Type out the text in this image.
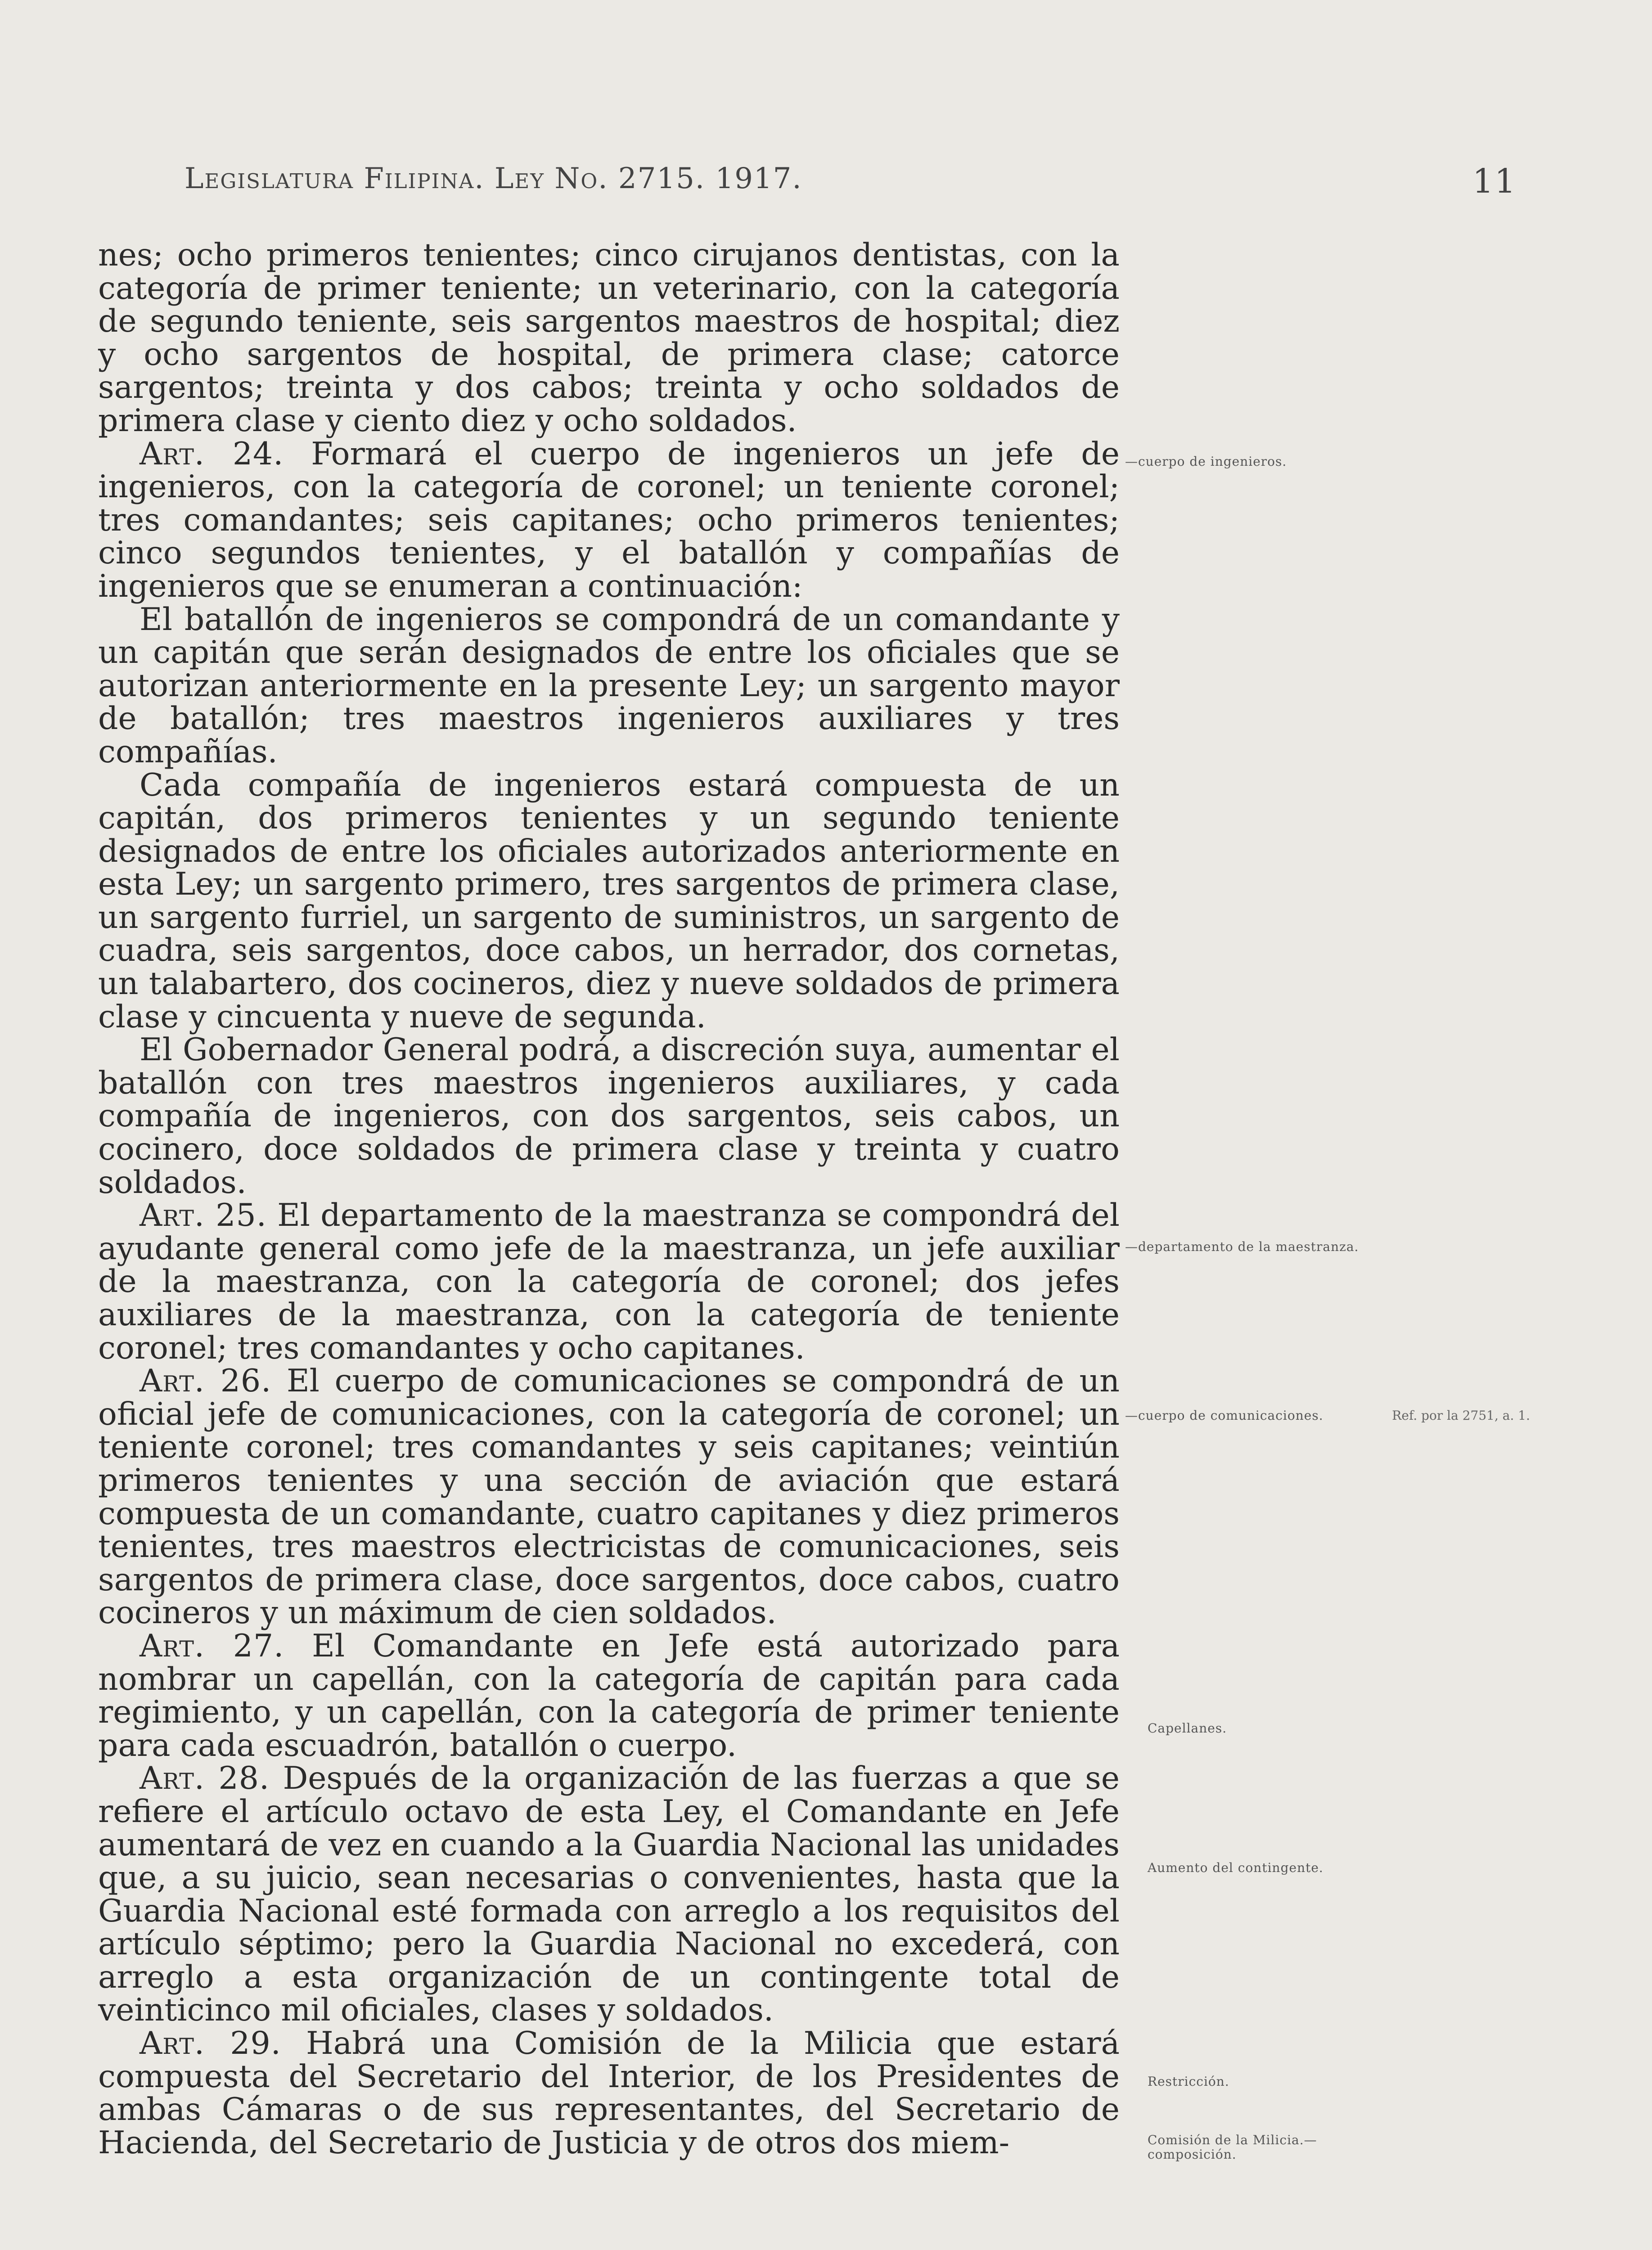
Legislatura Filipina. Ley No. 2715. 1917.	11

nes; ocho primeros tenientes; cinco cirujanos dentistas, con la categoría de primer teniente; un veterinario, con la categoría de segundo teniente, seis sargentos maestros de hospital; diez y ocho sargentos de hospital, de primera clase; catorce sargentos; treinta y dos cabos; treinta y ocho soldados de primera clase y ciento diez y ocho soldados.

Art. 24. Formará el cuerpo de ingenieros un jefe de ingenieros, con la categoría de coronel; un teniente coronel; tres comandantes; seis capitanes; ocho primeros tenientes; cinco segundos tenientes, y el batallón y compañías de ingenieros que se enumeran a continuación:

El batallón de ingenieros se compondrá de un comandante y un capitán que serán designados de entre los oficiales que se autorizan anteriormente en la presente Ley; un sargento mayor de batallón; tres maestros ingenieros auxiliares y tres compañías.

Cada compañía de ingenieros estará compuesta de un capitán, dos primeros tenientes y un segundo teniente designados de entre los oficiales autorizados anteriormente en esta Ley; un sargento primero, tres sargentos de primera clase, un sargento furriel, un sargento de suministros, un sargento de cuadra, seis sargentos, doce cabos, un herrador, dos cornetas, un talabartero, dos cocineros, diez y nueve soldados de primera clase y cincuenta y nueve de segunda.

El Gobernador General podrá, a discreción suya, aumentar el batallón con tres maestros ingenieros auxiliares, y cada compañía de ingenieros, con dos sargentos, seis cabos, un cocinero, doce soldados de primera clase y treinta y cuatro soldados.

Art. 25. El departamento de la maestranza se compondrá del ayudante general como jefe de la maestranza, un jefe auxiliar de la maestranza, con la categoría de coronel; dos jefes auxiliares de la maestranza, con la categoría de teniente coronel; tres comandantes y ocho capitanes.

Art. 26. El cuerpo de comunicaciones se compondrá de un oficial jefe de comunicaciones, con la categoría de coronel; un teniente coronel; tres comandantes y seis capitanes; veintiún primeros tenientes y una sección de aviación que estará compuesta de un comandante, cuatro capitanes y diez primeros tenientes, tres maestros electricistas de comunicaciones, seis sargentos de primera clase, doce sargentos, doce cabos, cuatro cocineros y un máximum de cien soldados.

Art. 27. El Comandante en Jefe está autorizado para nombrar un capellán, con la categoría de capitán para cada regimiento, y un capellán, con la categoría de primer teniente para cada escuadrón, batallón o cuerpo.

Art. 28. Después de la organización de las fuerzas a que se refiere el artículo octavo de esta Ley, el Comandante en Jefe aumentará de vez en cuando a la Guardia Nacional las unidades que, a su juicio, sean necesarias o convenientes, hasta que la Guardia Nacional esté formada con arreglo a los requisitos del artículo séptimo; pero la Guardia Nacional no excederá, con arreglo a esta organización de un contingente total de veinticinco mil oficiales, clases y soldados.

Art. 29. Habrá una Comisión de la Milicia que estará compuesta del Secretario del Interior, de los Presidentes de ambas Cámaras o de sus representantes, del Secretario de Hacienda, del Secretario de Justicia y de otros dos miem-

—cuerpo de ingenieros.
—departamento de la maestranza.
—cuerpo de comunicaciones.
Capellanes.
Aumento del contingente.
Restricción.
Comisión de la Milicia.—composición.
Ref. por la 2751, a. 1.
